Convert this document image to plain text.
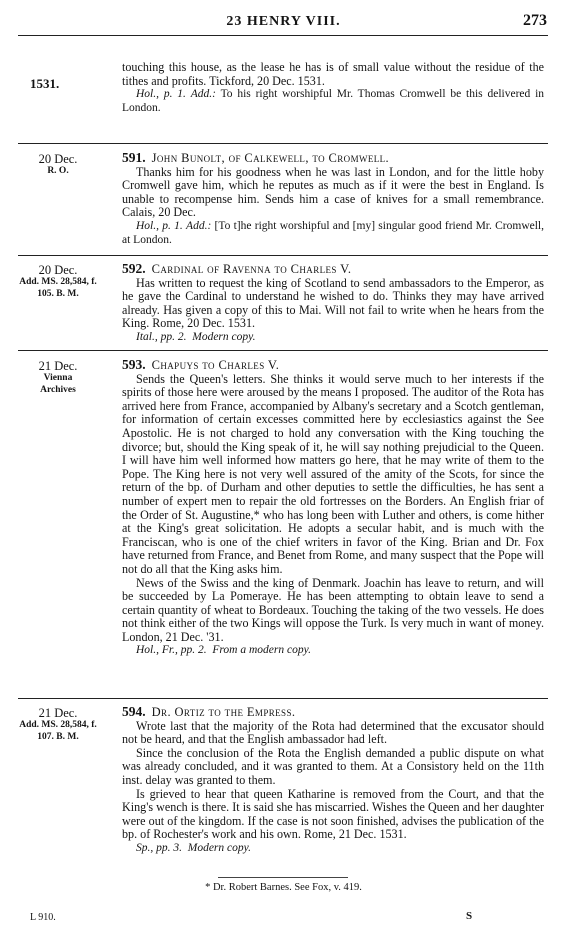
23 HENRY VIII.	273
1531.

touching this house, as the lease he has is of small value without the residue of the tithes and profits. Tickford, 20 Dec. 1531.

Hol., p. 1. Add.: To his right worshipful Mr. Thomas Cromwell be this delivered in London.

20 Dec.
R. O.

591. John Bunolt, of Calkewell, to Cromwell.

Thanks him for his goodness when he was last in London, and for the little hoby Cromwell gave him, which he reputes as much as if it were the best in England. Is unable to recompense him. Sends him a case of knives for a small remembrance. Calais, 20 Dec.

Hol., p. 1. Add.: [To t]he right worshipful and [my] singular good friend Mr. Cromwell, at London.

20 Dec.
Add. MS. 28,584, f. 105. B. M.

592. Cardinal of Ravenna to Charles V.

Has written to request the king of Scotland to send ambassadors to the Emperor, as he gave the Cardinal to understand he wished to do. Thinks they may have arrived already. Has given a copy of this to Mai. Will not fail to write when he hears from the King. Rome, 20 Dec. 1531.

Ital., pp. 2. Modern copy.

21 Dec.
Vienna Archives

593. Chapuys to Charles V.

Sends the Queen's letters. She thinks it would serve much to her interests if the spirits of those here were aroused by the means I proposed. The auditor of the Rota has arrived here from France, accompanied by Albany's secretary and a Scotch gentleman, for information of certain excesses committed here by ecclesiastics against the See Apostolic. He is not charged to hold any conversation with the King touching the divorce; but, should the King speak of it, he will say nothing prejudicial to the Queen. I will have him well informed how matters go here, that he may write of them to the Pope. The King here is not very well assured of the amity of the Scots, for since the return of the bp. of Durham and other deputies to settle the difficulties, he has sent a number of expert men to repair the old fortresses on the Borders. An English friar of the Order of St. Augustine,* who has long been with Luther and others, is come hither at the King's great solicitation. He adopts a secular habit, and is much with the Franciscan, who is one of the chief writers in favor of the King. Brian and Dr. Fox have returned from France, and Benet from Rome, and many suspect that the Pope will not do all that the King asks him.

News of the Swiss and the king of Denmark. Joachin has leave to return, and will be succeeded by La Pomeraye. He has been attempting to obtain leave to send a certain quantity of wheat to Bordeaux. Touching the taking of the two vessels. He does not think either of the two Kings will oppose the Turk. Is very much in want of money. London, 21 Dec. '31.

Hol., Fr., pp. 2. From a modern copy.

21 Dec.
Add. MS. 28,584, f. 107. B. M.

594. Dr. Ortiz to the Empress.

Wrote last that the majority of the Rota had determined that the excusator should not be heard, and that the English ambassador had left.

Since the conclusion of the Rota the English demanded a public dispute on what was already concluded, and it was granted to them. At a Consistory held on the 11th inst. delay was granted to them.

Is grieved to hear that queen Katharine is removed from the Court, and that the King's wench is there. It is said she has miscarried. Wishes the Queen and her daughter were out of the kingdom. If the case is not soon finished, advises the publication of the bp. of Rochester's work and his own. Rome, 21 Dec. 1531.

Sp., pp. 3. Modern copy.

* Dr. Robert Barnes. See Fox, v. 419.
L 910.	S
